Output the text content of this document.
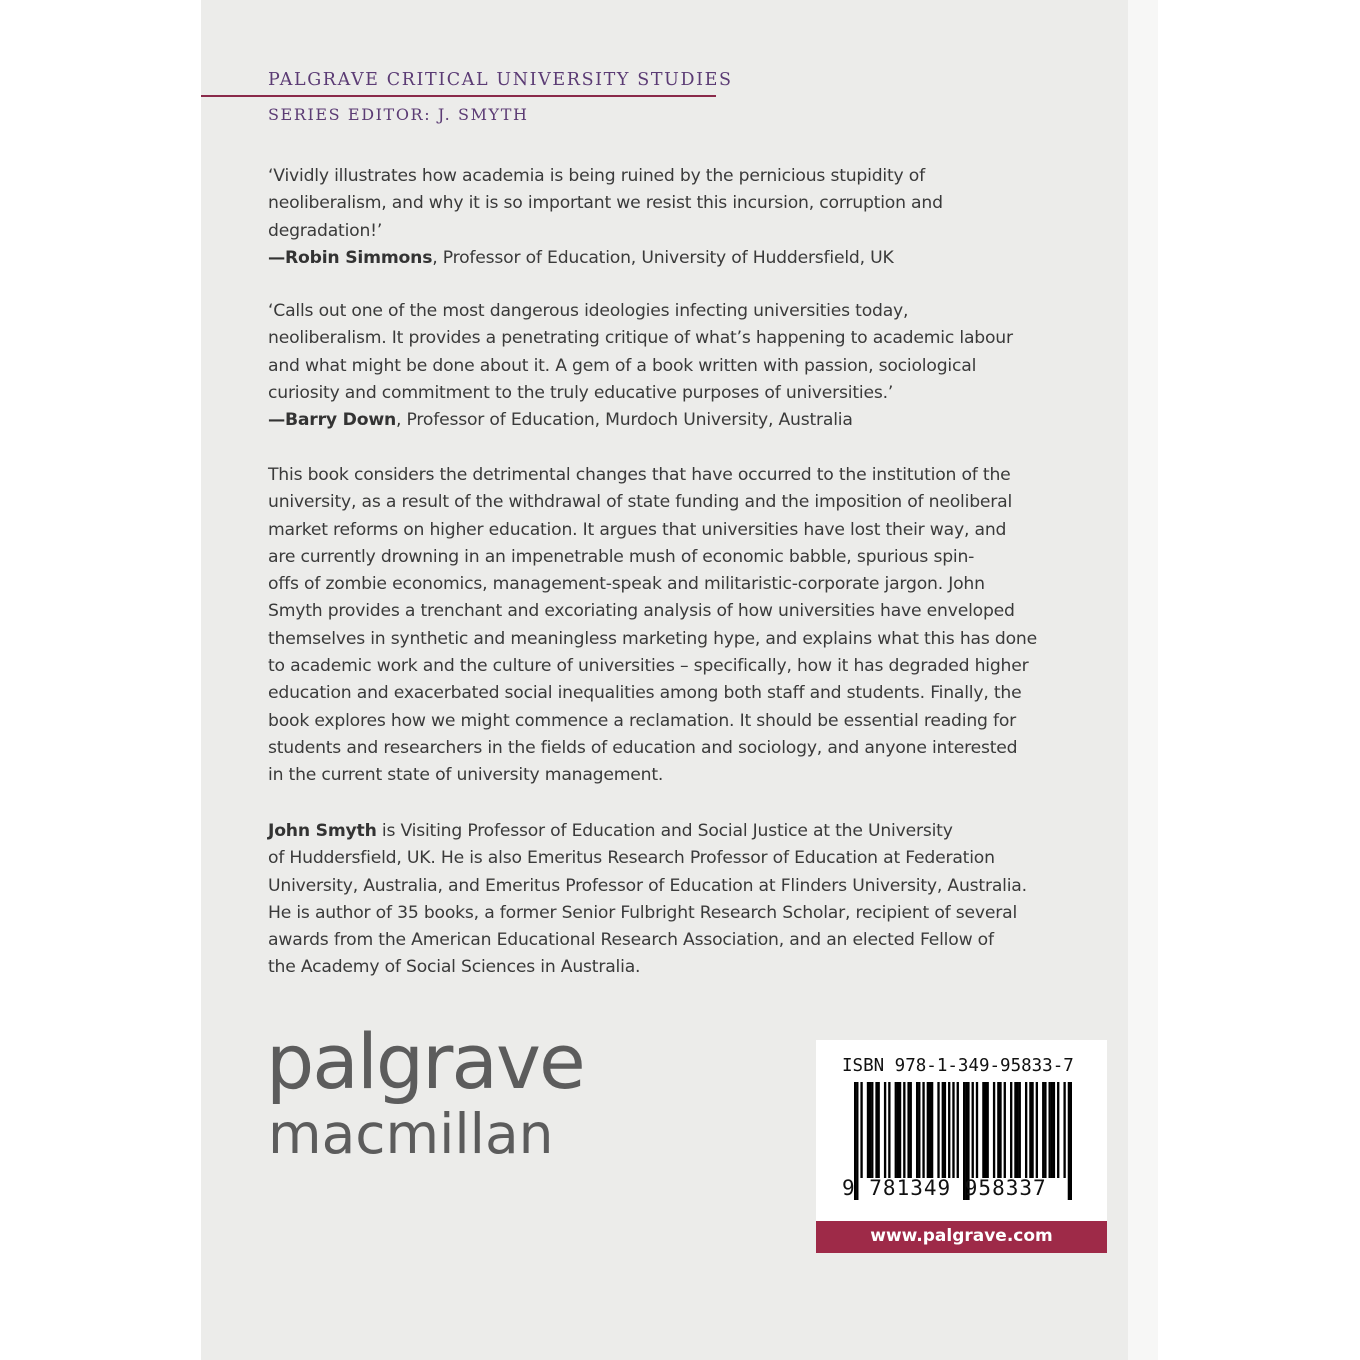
PALGRAVE CRITICAL UNIVERSITY STUDIES
SERIES EDITOR: J. SMYTH
‘Vividly illustrates how academia is being ruined by the pernicious stupidity of
neoliberalism, and why it is so important we resist this incursion, corruption and
degradation!’
—Robin Simmons, Professor of Education, University of Huddersfield, UK
‘Calls out one of the most dangerous ideologies infecting universities today,
neoliberalism. It provides a penetrating critique of what’s happening to academic labour
and what might be done about it. A gem of a book written with passion, sociological
curiosity and commitment to the truly educative purposes of universities.’
—Barry Down, Professor of Education, Murdoch University, Australia
This book considers the detrimental changes that have occurred to the institution of the
university, as a result of the withdrawal of state funding and the imposition of neoliberal
market reforms on higher education. It argues that universities have lost their way, and
are currently drowning in an impenetrable mush of economic babble, spurious spin-
offs of zombie economics, management-speak and militaristic-corporate jargon. John
Smyth provides a trenchant and excoriating analysis of how universities have enveloped
themselves in synthetic and meaningless marketing hype, and explains what this has done
to academic work and the culture of universities – specifically, how it has degraded higher
education and exacerbated social inequalities among both staff and students. Finally, the
book explores how we might commence a reclamation. It should be essential reading for
students and researchers in the fields of education and sociology, and anyone interested
in the current state of university management.
John Smyth is Visiting Professor of Education and Social Justice at the University
of Huddersfield, UK. He is also Emeritus Research Professor of Education at Federation
University, Australia, and Emeritus Professor of Education at Flinders University, Australia.
He is author of 35 books, a former Senior Fulbright Research Scholar, recipient of several
awards from the American Educational Research Association, and an elected Fellow of
the Academy of Social Sciences in Australia.
palgrave
macmillan
ISBN 978-1-349-95833-7
9 781349 958337
www.palgrave.com
